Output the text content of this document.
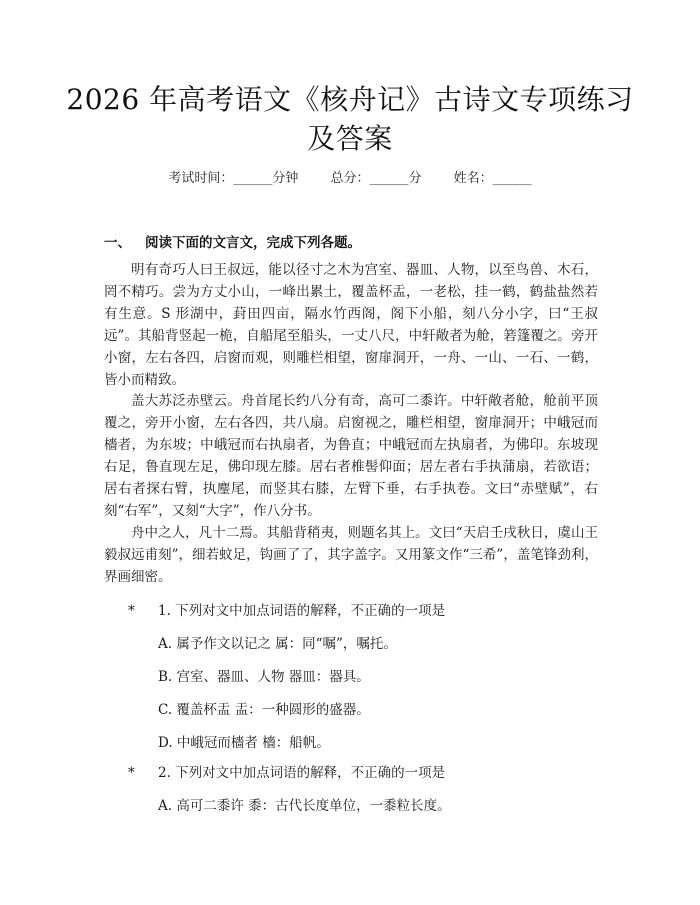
2026 年高考语文《核舟记》古诗文专项练习
及答案
考试时间：______分钟 总分：______分 姓名：______
一、 阅读下面的文言文，完成下列各题。
明有奇巧人曰王叔远，能以径寸之木为宫室、器皿、人物，以至鸟兽、木石，罔不精巧。尝为方丈小山，一峰出累土，覆盖杯盂，一老松，挂一鹤，鹤盐盐然若有生意。S 形湖中，葑田四亩，隔水竹西阁，阁下小船，刻八分小字，曰“王叔远”。其船背竖起一桅，自船尾至船头，一丈八尺，中轩敞者为舱，箬篷覆之。旁开小窗，左右各四，启窗而观，则雕栏相望，窗扉洞开，一舟、一山、一石、一鹤，皆小而精致。
盖大苏泛赤壁云。舟首尾长约八分有奇，高可二黍许。中轩敞者舱，舱前平顶覆之，旁开小窗，左右各四，共八扇。启窗视之，雕栏相望，窗扉洞开；中峨冠而檣者，为东坡；中峨冠而右执扇者，为鲁直；中峨冠而左执扇者，为佛印。东坡现右足，鲁直现左足，佛印现左膝。居右者椎髻仰面；居左者右手执蒲扇，若欲语；居右者探右臂，执麈尾，而竖其右膝，左臂下垂，右手执卷。文曰“赤壁赋”，右刻“右军”，又刻“大字”，作八分书。
舟中之人，凡十二焉。其船背稍夷，则题名其上。文曰“天启壬戌秋日，虞山王毅叔远甫刻”，细若蚊足，钩画了了，其字盖字。又用篆文作“三希”，盖笔锋劲利，界画细密。
* 1. 下列对文中加点词语的解释，不正确的一项是
A. 属予作文以记之 属：同“嘱”，嘱托。
B. 宫室、器皿、人物 器皿：器具。
C. 覆盖杯盂 盂：一种圆形的盛器。
D. 中峨冠而檣者 檣：船帆。
* 2. 下列对文中加点词语的解释，不正确的一项是
A. 高可二黍许 黍：古代长度单位，一黍粒长度。
